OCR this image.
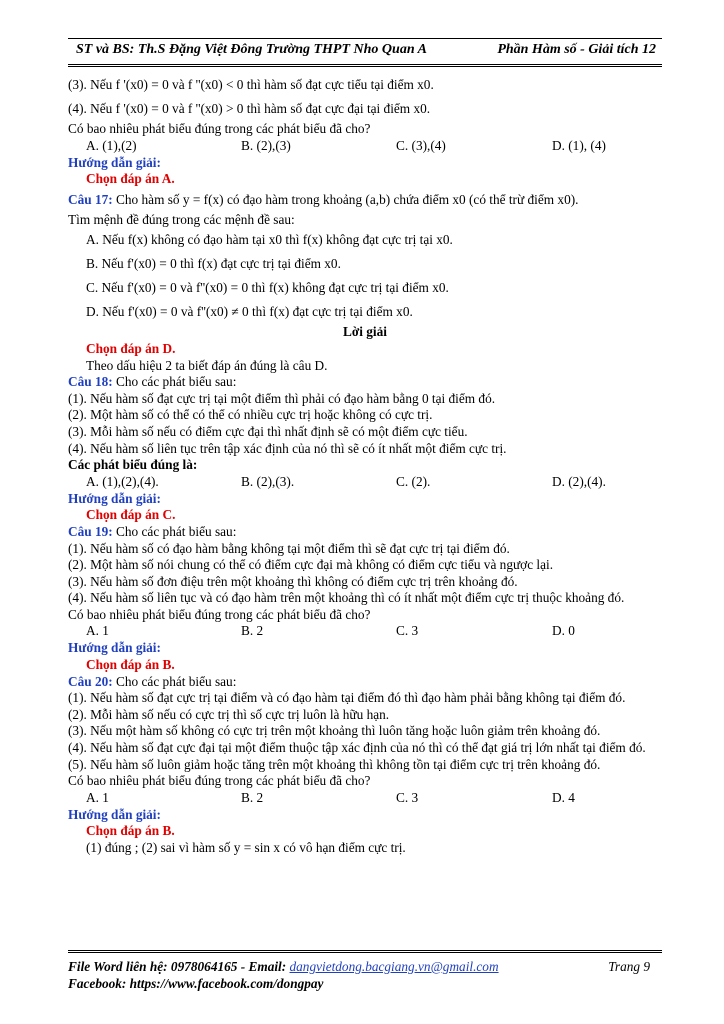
ST và BS: Th.S Đặng Việt Đông Trường THPT Nho Quan A	Phần Hàm số - Giải tích 12
(3). Nếu f '(x0) = 0 và f ''(x0) < 0 thì hàm số đạt cực tiểu tại điểm x0.
(4). Nếu f '(x0) = 0 và f ''(x0) > 0 thì hàm số đạt cực đại tại điểm x0.
Có bao nhiêu phát biểu đúng trong các phát biểu đã cho?
A. (1),(2)	B. (2),(3)	C. (3),(4)	D. (1), (4)
Hướng dẫn giải:
Chọn đáp án A.
Câu 17: Cho hàm số y = f(x) có đạo hàm trong khoảng (a,b) chứa điểm x0 (có thể trừ điểm x0).
Tìm mệnh đề đúng trong các mệnh đề sau:
A. Nếu f(x) không có đạo hàm tại x0 thì f(x) không đạt cực trị tại x0.
B. Nếu f'(x0) = 0 thì f(x) đạt cực trị tại điểm x0.
C. Nếu f'(x0) = 0 và f''(x0) = 0 thì f(x) không đạt cực trị tại điểm x0.
D. Nếu f'(x0) = 0 và f''(x0) ≠ 0 thì f(x) đạt cực trị tại điểm x0.
Lời giải
Chọn đáp án D.
Theo dấu hiệu 2 ta biết đáp án đúng là câu D.
Câu 18: Cho các phát biểu sau:
(1). Nếu hàm số đạt cực trị tại một điểm thì phải có đạo hàm bằng 0 tại điểm đó.
(2). Một hàm số có thể có thể có nhiều cực trị hoặc không có cực trị.
(3). Mỗi hàm số nếu có điểm cực đại thì nhất định sẽ có một điểm cực tiểu.
(4). Nếu hàm số liên tục trên tập xác định của nó thì sẽ có ít nhất một điểm cực trị.
Các phát biểu đúng là:
A. (1),(2),(4).	B. (2),(3).	C. (2).	D. (2),(4).
Hướng dẫn giải:
Chọn đáp án C.
Câu 19: Cho các phát biểu sau:
(1). Nếu hàm số có đạo hàm bằng không tại một điểm thì sẽ đạt cực trị tại điểm đó.
(2). Một hàm số nói chung có thể có điểm cực đại mà không có điểm cực tiểu và ngược lại.
(3). Nếu hàm số đơn điệu trên một khoảng thì không có điểm cực trị trên khoảng đó.
(4). Nếu hàm số liên tục và có đạo hàm trên một khoảng thì có ít nhất một điểm cực trị thuộc khoảng đó.
Có bao nhiêu phát biểu đúng trong các phát biểu đã cho?
A. 1	B. 2	C. 3	D. 0
Hướng dẫn giải:
Chọn đáp án B.
Câu 20: Cho các phát biểu sau:
(1). Nếu hàm số đạt cực trị tại điểm và có đạo hàm tại điểm đó thì đạo hàm phải bằng không tại điểm đó.
(2). Mỗi hàm số nếu có cực trị thì số cực trị luôn là hữu hạn.
(3). Nếu một hàm số không có cực trị trên một khoảng thì luôn tăng hoặc luôn giảm trên khoảng đó.
(4). Nếu hàm số đạt cực đại tại một điểm thuộc tập xác định của nó thì có thể đạt giá trị lớn nhất tại điểm đó.
(5). Nếu hàm số luôn giảm hoặc tăng trên một khoảng thì không tồn tại điểm cực trị trên khoảng đó.
Có bao nhiêu phát biểu đúng trong các phát biểu đã cho?
A. 1	B. 2	C. 3	D. 4
Hướng dẫn giải:
Chọn đáp án B.
(1) đúng ; (2) sai vì hàm số y = sin x có vô hạn điểm cực trị.
File Word liên hệ: 0978064165 - Email: dangvietdong.bacgiang.vn@gmail.com	Trang 9
Facebook: https://www.facebook.com/dongpay
